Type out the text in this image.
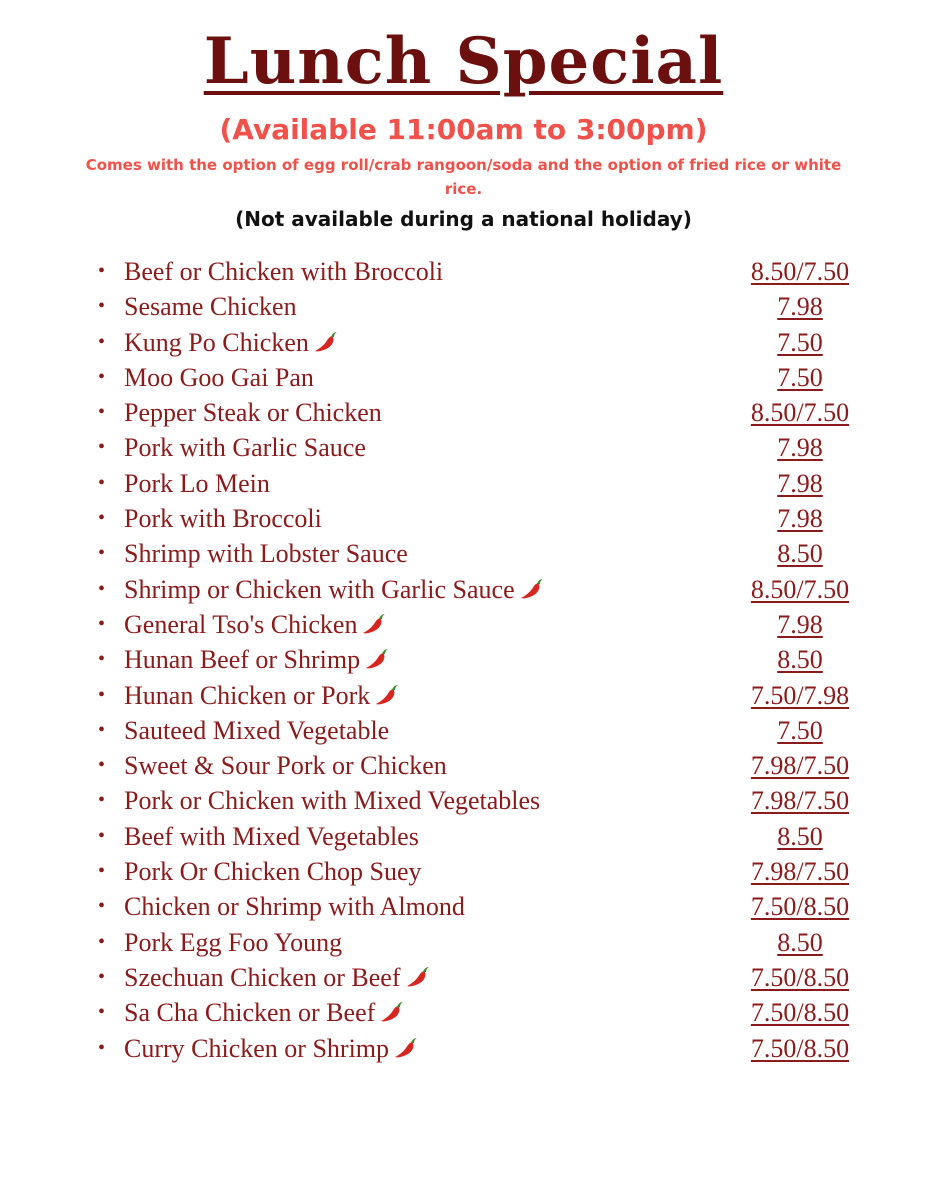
Lunch Special
(Available 11:00am to 3:00pm)
Comes with the option of egg roll/crab rangoon/soda and the option of fried rice or white rice.
(Not available during a national holiday)
• Beef or Chicken with Broccoli	8.50/7.50
• Sesame Chicken	7.98
• Kung Po Chicken	7.50
• Moo Goo Gai Pan	7.50
• Pepper Steak or Chicken	8.50/7.50
• Pork with Garlic Sauce	7.98
• Pork Lo Mein	7.98
• Pork with Broccoli	7.98
• Shrimp with Lobster Sauce	8.50
• Shrimp or Chicken with Garlic Sauce	8.50/7.50
• General Tso's Chicken	7.98
• Hunan Beef or Shrimp	8.50
• Hunan Chicken or Pork	7.50/7.98
• Sauteed Mixed Vegetable	7.50
• Sweet & Sour Pork or Chicken	7.98/7.50
• Pork or Chicken with Mixed Vegetables	7.98/7.50
• Beef with Mixed Vegetables	8.50
• Pork Or Chicken Chop Suey	7.98/7.50
• Chicken or Shrimp with Almond	7.50/8.50
• Pork Egg Foo Young	8.50
• Szechuan Chicken or Beef	7.50/8.50
• Sa Cha Chicken or Beef	7.50/8.50
• Curry Chicken or Shrimp	7.50/8.50
